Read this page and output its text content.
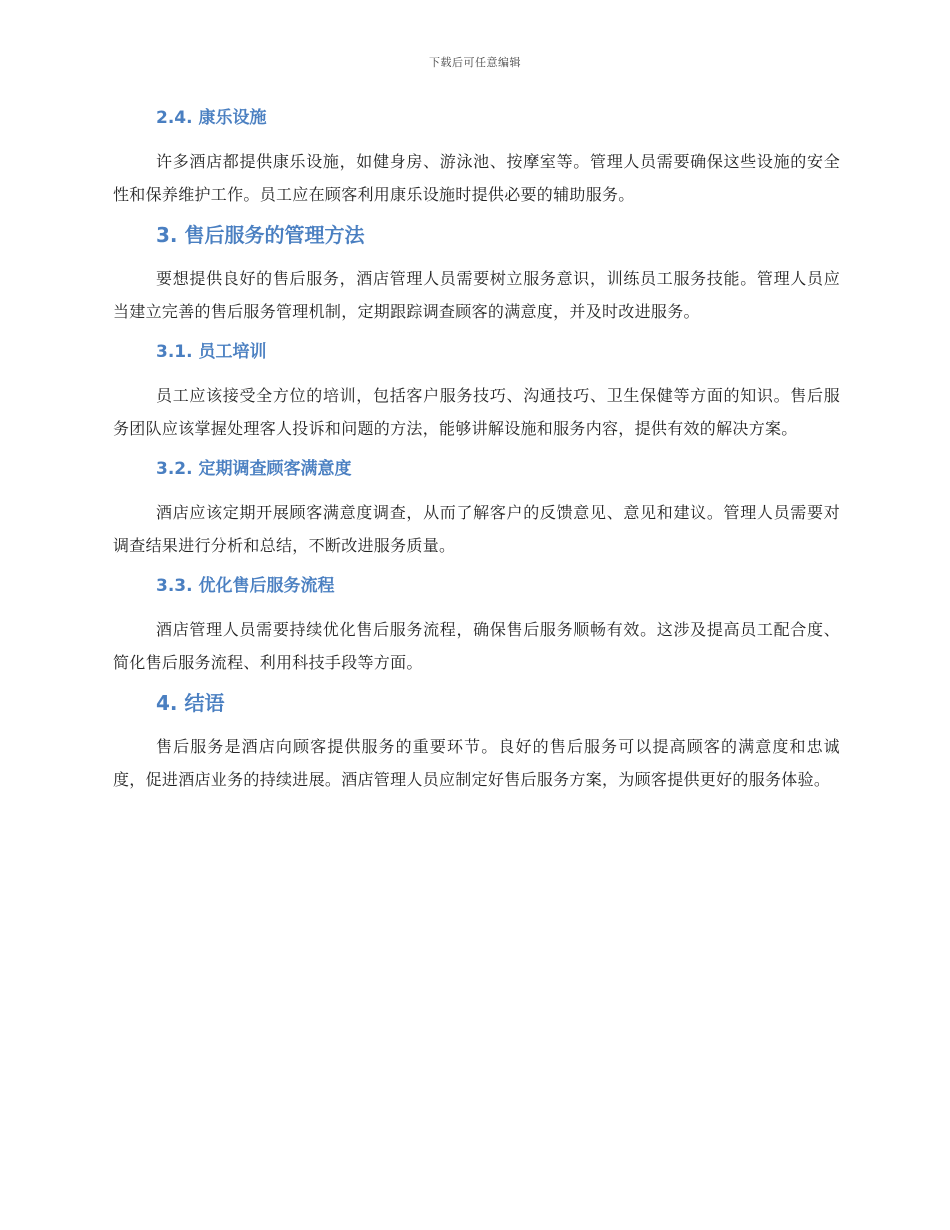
下载后可任意编辑
2.4. 康乐设施

许多酒店都提供康乐设施，如健身房、游泳池、按摩室等。管理人员需要确保这些设施的安全性和保养维护工作。员工应在顾客利用康乐设施时提供必要的辅助服务。

3. 售后服务的管理方法

要想提供良好的售后服务，酒店管理人员需要树立服务意识，训练员工服务技能。管理人员应当建立完善的售后服务管理机制，定期跟踪调查顾客的满意度，并及时改进服务。

3.1. 员工培训

员工应该接受全方位的培训，包括客户服务技巧、沟通技巧、卫生保健等方面的知识。售后服务团队应该掌握处理客人投诉和问题的方法，能够讲解设施和服务内容，提供有效的解决方案。

3.2. 定期调查顾客满意度

酒店应该定期开展顾客满意度调查，从而了解客户的反馈意见、意见和建议。管理人员需要对调查结果进行分析和总结，不断改进服务质量。

3.3. 优化售后服务流程

酒店管理人员需要持续优化售后服务流程，确保售后服务顺畅有效。这涉及提高员工配合度、简化售后服务流程、利用科技手段等方面。

4. 结语

售后服务是酒店向顾客提供服务的重要环节。良好的售后服务可以提高顾客的满意度和忠诚度，促进酒店业务的持续进展。酒店管理人员应制定好售后服务方案，为顾客提供更好的服务体验。
